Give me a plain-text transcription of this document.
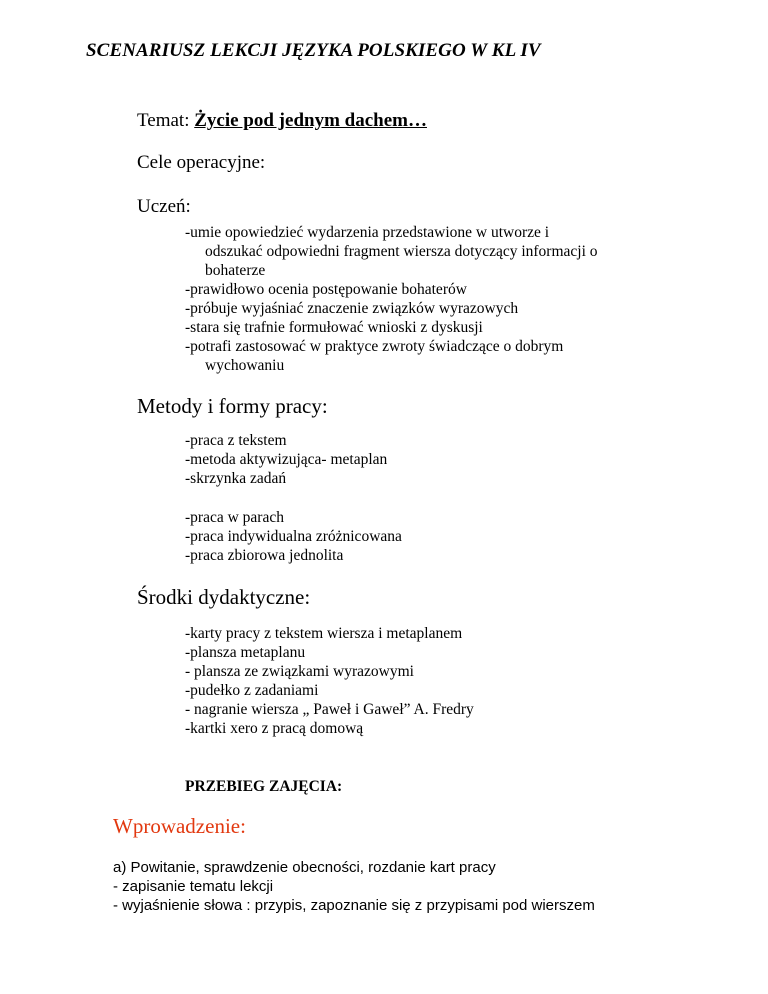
SCENARIUSZ LEKCJI JĘZYKA POLSKIEGO W KL IV
Temat: Życie pod jednym dachem…
Cele operacyjne:
Uczeń:
-umie opowiedzieć wydarzenia przedstawione w utworze i
odszukać odpowiedni fragment wiersza dotyczący informacji o
bohaterze
-prawidłowo ocenia postępowanie bohaterów
-próbuje wyjaśniać znaczenie związków wyrazowych
-stara się trafnie formułować wnioski z dyskusji
-potrafi zastosować w praktyce zwroty świadczące o dobrym
wychowaniu
Metody i formy pracy:
-praca z tekstem
-metoda aktywizująca- metaplan
-skrzynka zadań
-praca w parach
-praca indywidualna zróżnicowana
-praca zbiorowa jednolita
Środki dydaktyczne:
-karty pracy z tekstem wiersza i metaplanem
-plansza metaplanu
- plansza ze związkami wyrazowymi
-pudełko z zadaniami
- nagranie wiersza „ Paweł i Gaweł” A. Fredry
-kartki xero z pracą domową
PRZEBIEG ZAJĘCIA:
Wprowadzenie:
a) Powitanie, sprawdzenie obecności, rozdanie kart pracy
- zapisanie tematu lekcji
- wyjaśnienie słowa : przypis, zapoznanie się z przypisami pod wierszem
